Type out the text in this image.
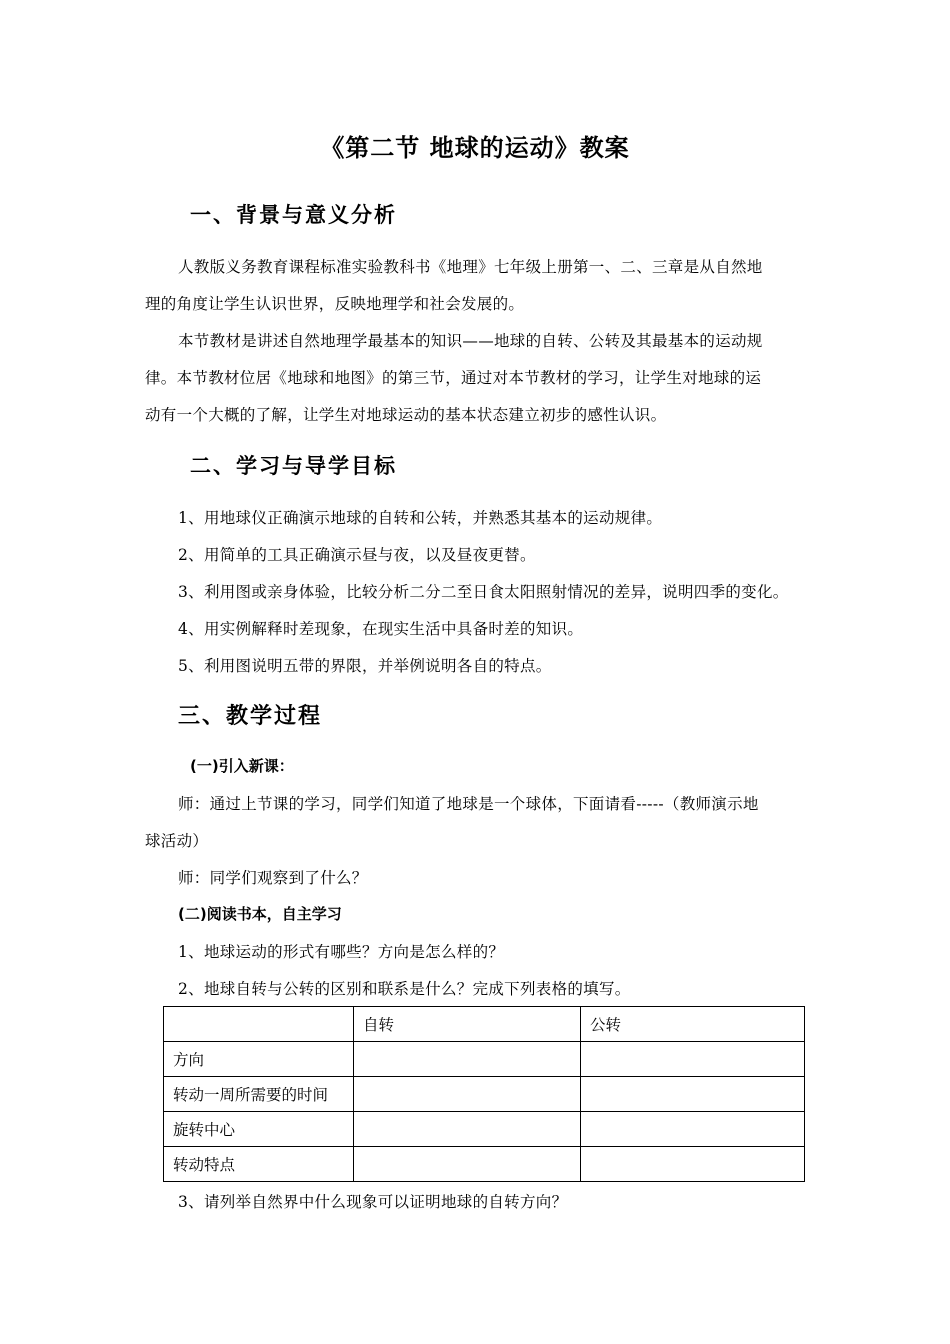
《第二节 地球的运动》教案
一、背景与意义分析
人教版义务教育课程标准实验教科书《地理》七年级上册第一、二、三章是从自然地
理的角度让学生认识世界，反映地理学和社会发展的。
本节教材是讲述自然地理学最基本的知识——地球的自转、公转及其最基本的运动规
律。本节教材位居《地球和地图》的第三节，通过对本节教材的学习，让学生对地球的运
动有一个大概的了解，让学生对地球运动的基本状态建立初步的感性认识。
二、学习与导学目标
1、用地球仪正确演示地球的自转和公转，并熟悉其基本的运动规律。
2、用简单的工具正确演示昼与夜，以及昼夜更替。
3、利用图或亲身体验，比较分析二分二至日食太阳照射情况的差异，说明四季的变化。
4、用实例解释时差现象，在现实生活中具备时差的知识。
5、利用图说明五带的界限，并举例说明各自的特点。
三、教学过程
(一)引入新课：
师：通过上节课的学习，同学们知道了地球是一个球体，下面请看-----（教师演示地
球活动）
师：同学们观察到了什么？
(二)阅读书本，自主学习
1、地球运动的形式有哪些？方向是怎么样的？
2、地球自转与公转的区别和联系是什么？完成下列表格的填写。
	自转	公转
方向		
转动一周所需要的时间		
旋转中心		
转动特点		
3、请列举自然界中什么现象可以证明地球的自转方向？
